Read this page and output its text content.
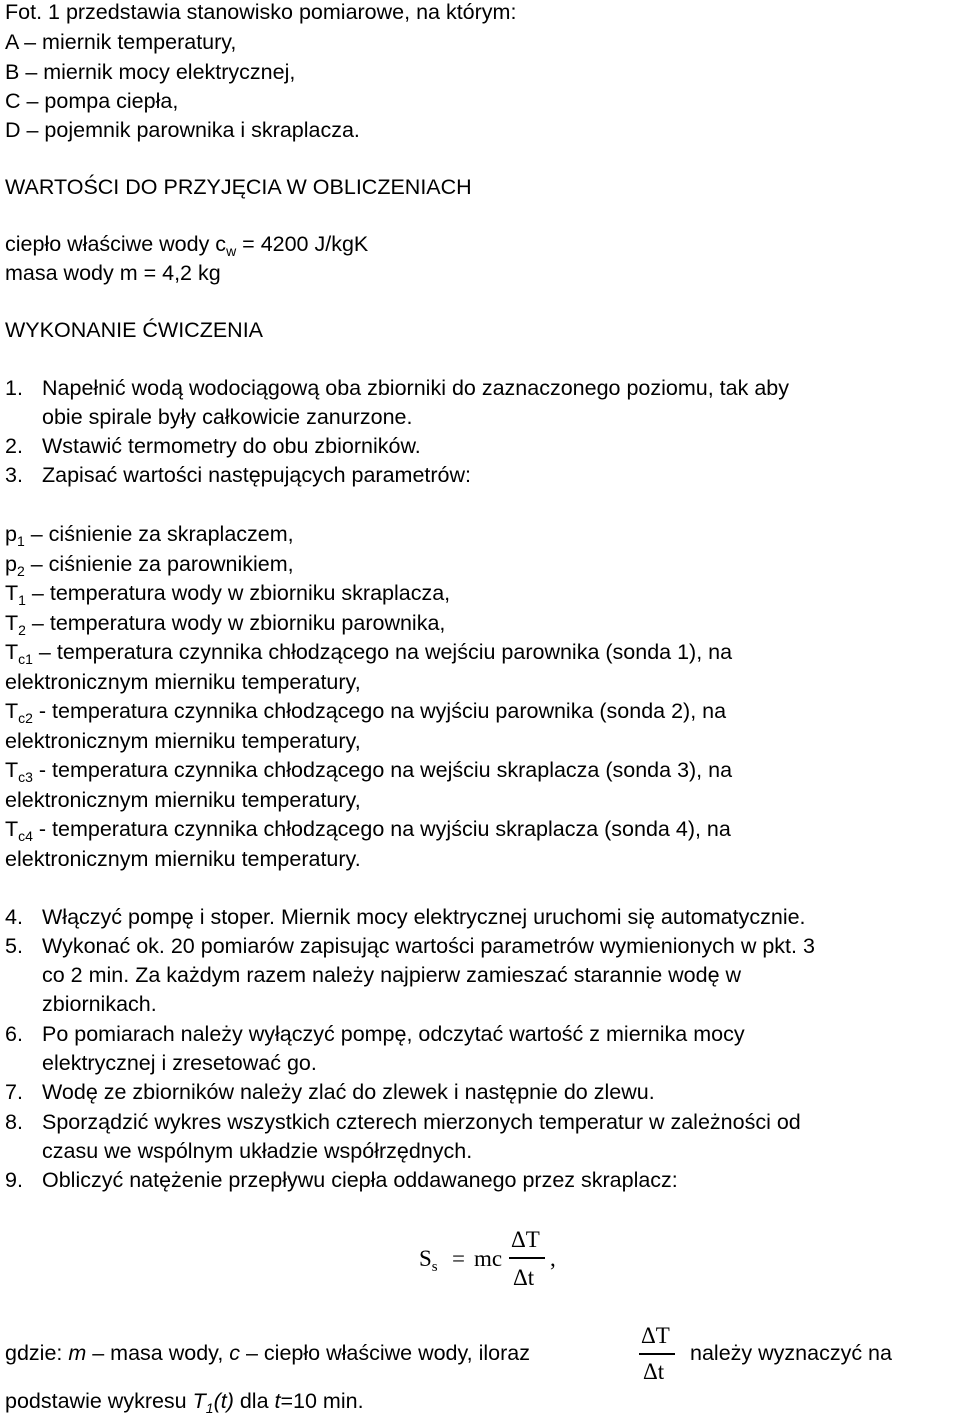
Fot. 1 przedstawia stanowisko pomiarowe, na którym:
A – miernik temperatury,
B – miernik mocy elektrycznej,
C – pompa ciepła,
D – pojemnik parownika i skraplacza.
WARTOŚCI DO PRZYJĘCIA W OBLICZENIACH
ciepło właściwe wody $c_w = 4200$ J/kgK
masa wody m = 4,2 kg
WYKONANIE ĆWICZENIA
1. Napełnić wodą wodociągową oba zbiorniki do zaznaczonego poziomu, tak aby
obie spirale były całkowicie zanurzone.
2. Wstawić termometry do obu zbiorników.
3. Zapisać wartości następujących parametrów:
$p_1$ – ciśnienie za skraplaczem,
$p_2$ – ciśnienie za parownikiem,
$T_1$ – temperatura wody w zbiorniku skraplacza,
$T_2$ – temperatura wody w zbiorniku parownika,
$T_{c1}$ – temperatura czynnika chłodzącego na wejściu parownika (sonda 1), na
elektronicznym mierniku temperatury,
$T_{c2}$ - temperatura czynnika chłodzącego na wyjściu parownika (sonda 2), na
elektronicznym mierniku temperatury,
$T_{c3}$ - temperatura czynnika chłodzącego na wejściu skraplacza (sonda 3), na
elektronicznym mierniku temperatury,
$T_{c4}$ - temperatura czynnika chłodzącego na wyjściu skraplacza (sonda 4), na
elektronicznym mierniku temperatury.
4. Włączyć pompę i stoper. Miernik mocy elektrycznej uruchomi się automatycznie.
5. Wykonać ok. 20 pomiarów zapisując wartości parametrów wymienionych w pkt. 3
co 2 min. Za każdym razem należy najpierw zamieszać starannie wodę w
zbiornikach.
6. Po pomiarach należy wyłączyć pompę, odczytać wartość z miernika mocy
elektrycznej i zresetować go.
7. Wodę ze zbiorników należy zlać do zlewek i następnie do zlewu.
8. Sporządzić wykres wszystkich czterech mierzonych temperatur w zależności od
czasu we wspólnym układzie współrzędnych.
9. Obliczyć natężenie przepływu ciepła oddawanego przez skraplacz:
$S_s$ = mc
ΔT
Δt
,
gdzie: m – masa wody, c – ciepło właściwe wody, iloraz
ΔT
Δt
należy wyznaczyć na
podstawie wykresu $T_1(t)$ dla t=10 min.
